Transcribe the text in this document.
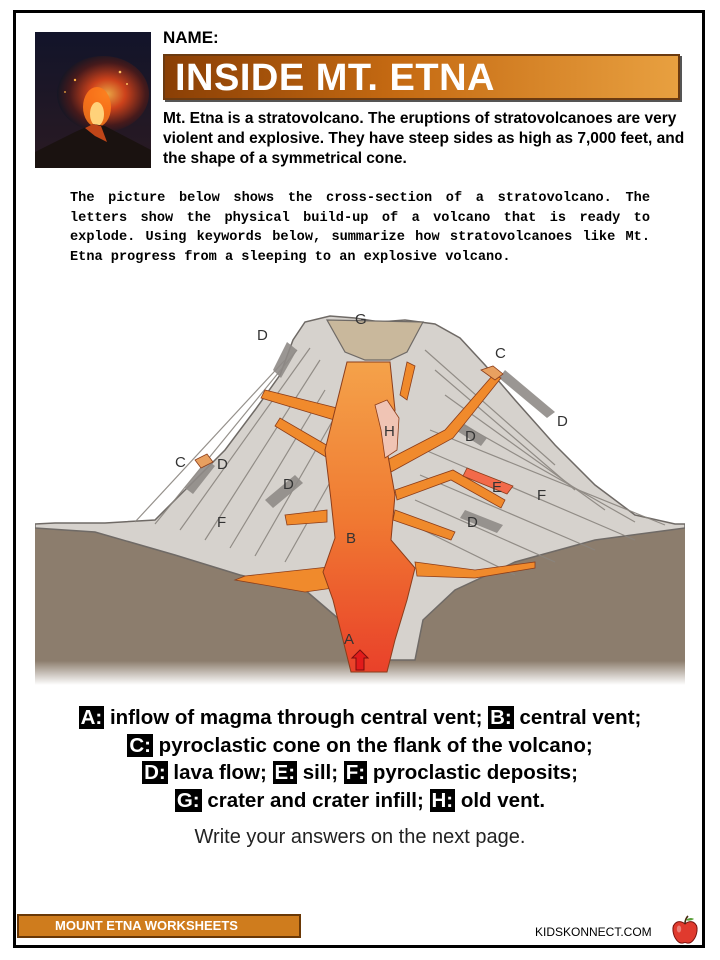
NAME:
INSIDE MT. ETNA
Mt. Etna is a stratovolcano. The eruptions of stratovolcanoes are very violent and explosive. They have steep sides as high as 7,000 feet, and the shape of a symmetrical cone.
The picture below shows the cross-section of a stratovolcano. The letters show the physical build-up of a volcano that is ready to explode. Using keywords below, summarize how stratovolcanoes like Mt. Etna progress from a sleeping to an explosive volcano.
G
D
C
D
H	D
C D
D	E F
F	D
B
A
A: inflow of magma through central vent; B: central vent;
C: pyroclastic cone on the flank of the volcano;
D: lava flow; E: sill; F: pyroclastic deposits;
G: crater and crater infill; H: old vent.
Write your answers on the next page.
MOUNT ETNA WORKSHEETS	KIDSKONNECT.COM
